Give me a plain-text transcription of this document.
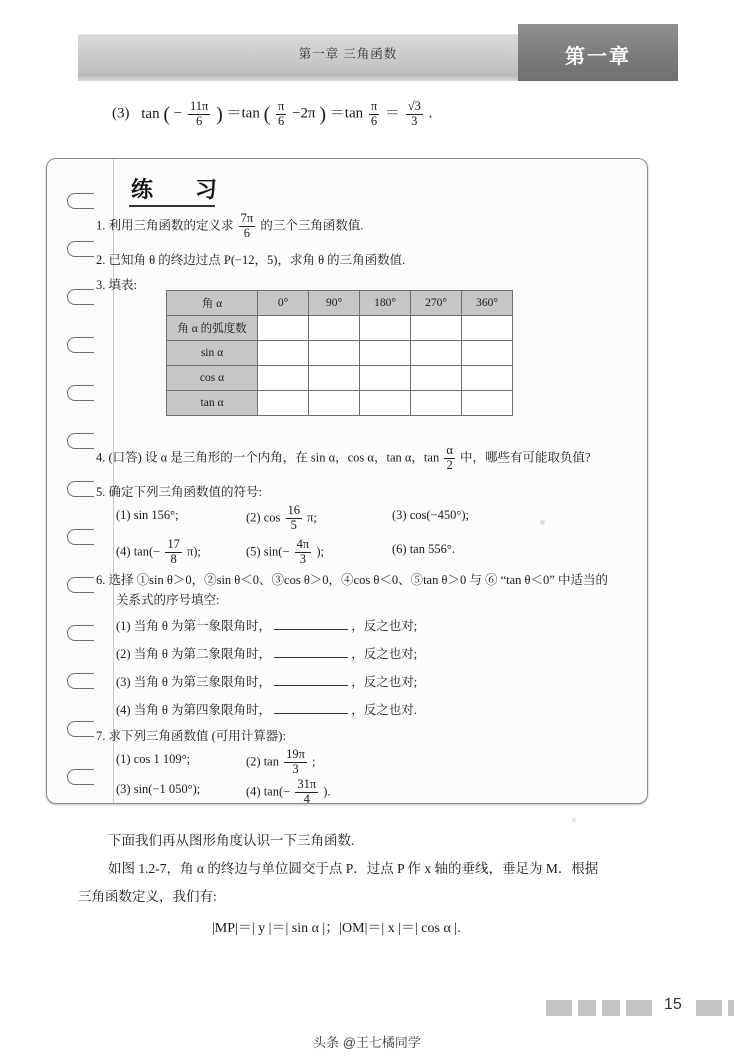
第一章 三角函数	第一章
(3) tan ( − $\frac{11\pi}{6}$ ) ＝tan ( $\frac{\pi}{6} -2\pi$ ) $=\tan \frac{\pi}{6} = \frac{√3}{3}$ .
练　习
1. 利用三角函数的定义求 $\frac{7\pi}{6}$ 的三个三角函数值.
2. 已知角 θ 的终边过点 P(−12，5)，求角 θ 的三角函数值.
3. 填表:
角 α	0°	90°	180°	270°	360°
角 α 的弧度数					
sin α					
cos α					
tan α					
4. (口答) 设 α 是三角形的一个内角，在 sin α，cos α，tan α，$\tan \frac{\alpha}{2}$ 中，哪些有可能取负值?
5. 确定下列三角函数值的符号:
(1) sin 156°;	(2) $\cos \frac{16}{5} \pi$;	(3) cos(−450°);
(4) $\tan(- \frac{17}{8} \pi)$;	(5) $\sin(- \frac{4\pi}{3}$ );	(6) tan 556°.
6. 选择 ①sin θ＞0，②sin θ＜0、③cos θ＞0，④cos θ＜0、⑤tan θ＞0 与 ⑥ “tan θ＜0” 中适当的
关系式的序号填空:
(1) 当角 θ 为第一象限角时，	，反之也对;
(2) 当角 θ 为第二象限角时，	，反之也对;
(3) 当角 θ 为第三象限角时，	，反之也对;
(4) 当角 θ 为第四象限角时，	，反之也对.
7. 求下列三角函数值 (可用计算器):
(1) cos 1 109°;	(2) $\tan \frac{19\pi}{3}$ ;
(3) sin(−1 050°);	(4) $\tan(- \frac{31\pi}{4}$ ).
下面我们再从图形角度认识一下三角函数.
如图 1.2-7，角 α 的终边与单位圆交于点 P．过点 P 作 x 轴的垂线，垂足为 M．根据
三角函数定义，我们有:
|MP|＝| y |＝| sin α |；|OM|＝| x |＝| cos α |.
15
头条 @王七橘同学
